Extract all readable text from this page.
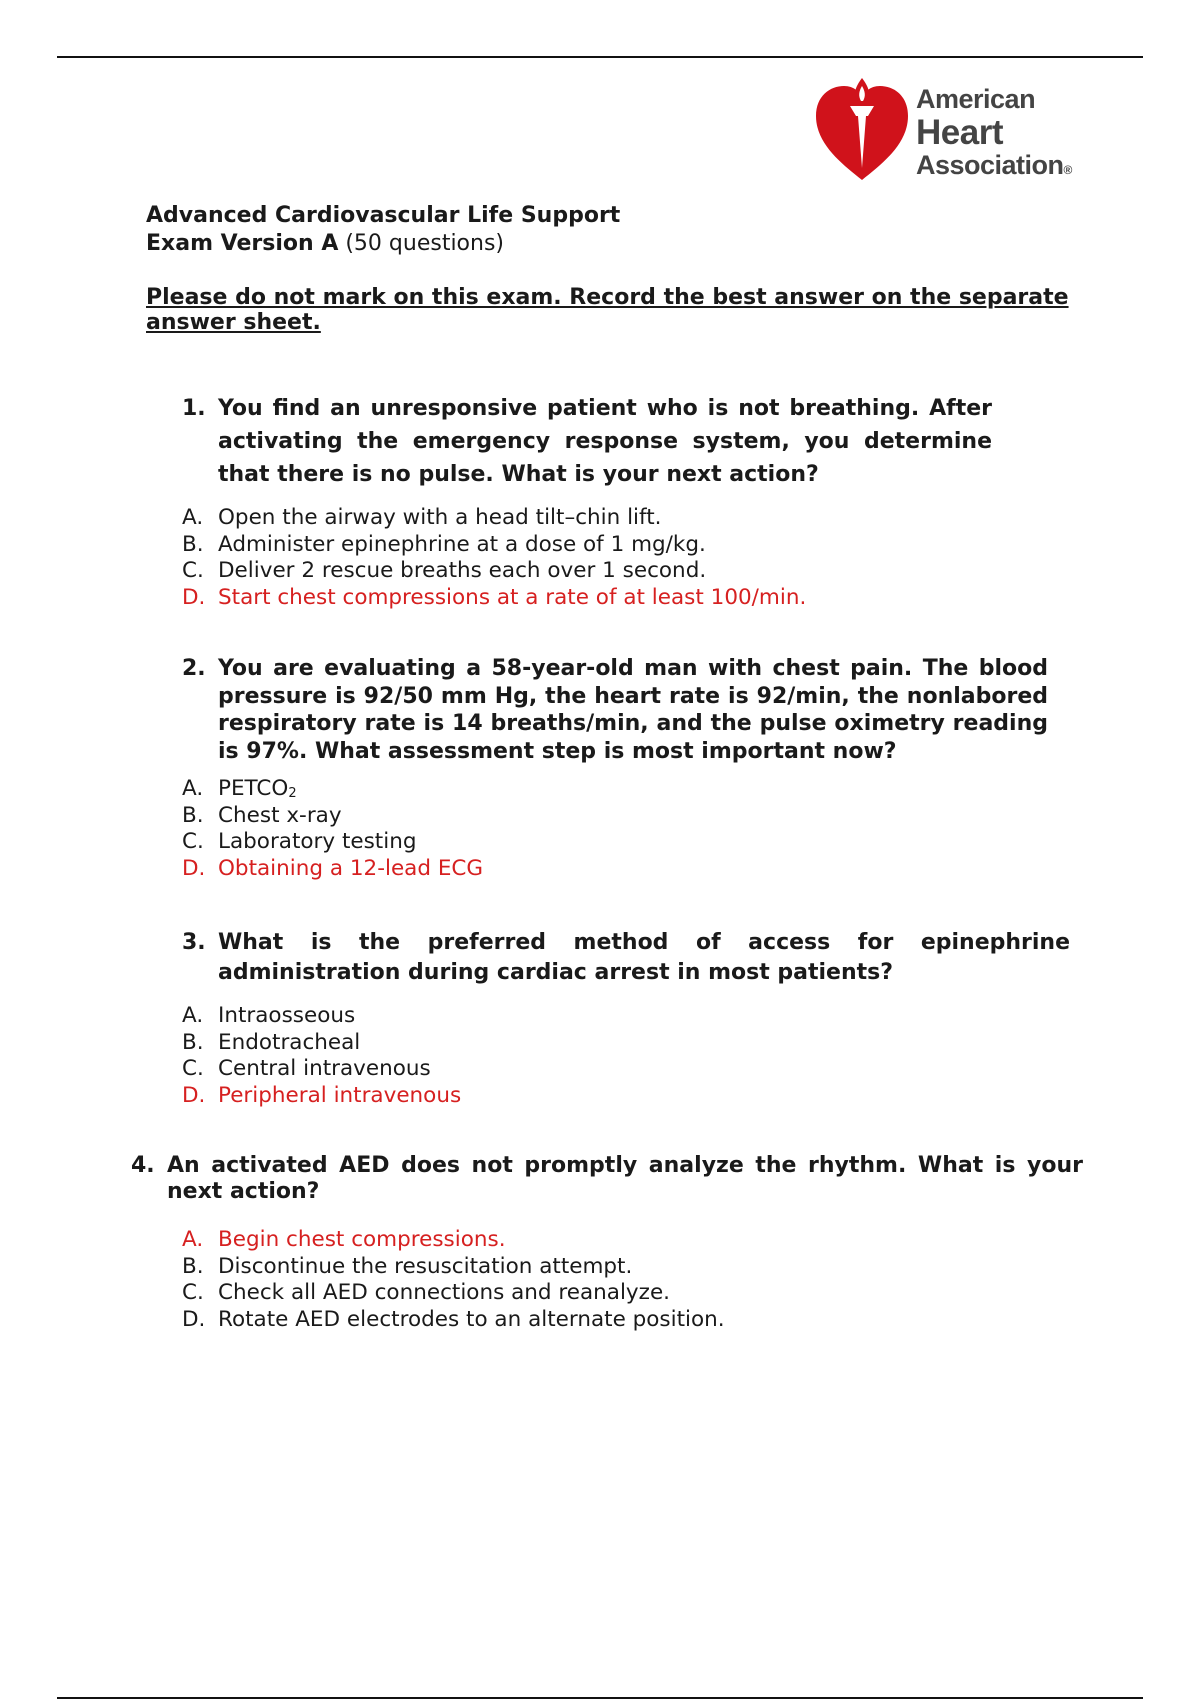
American
Heart
Association®
Advanced Cardiovascular Life Support
Exam Version A (50 questions)
Please do not mark on this exam. Record the best answer on the separate answer sheet.
1. You find an unresponsive patient who is not breathing. After activating the emergency response system, you determine that there is no pulse. What is your next action?
A. Open the airway with a head tilt–chin lift.
B. Administer epinephrine at a dose of 1 mg/kg.
C. Deliver 2 rescue breaths each over 1 second.
D. Start chest compressions at a rate of at least 100/min.
2. You are evaluating a 58-year-old man with chest pain. The blood pressure is 92/50 mm Hg, the heart rate is 92/min, the nonlabored respiratory rate is 14 breaths/min, and the pulse oximetry reading is 97%. What assessment step is most important now?
A. $PETCO_2$
B. Chest x-ray
C. Laboratory testing
D. Obtaining a 12-lead ECG
3. What is the preferred method of access for epinephrine administration during cardiac arrest in most patients?
A. Intraosseous
B. Endotracheal
C. Central intravenous
D. Peripheral intravenous
4. An activated AED does not promptly analyze the rhythm. What is your next action?
A. Begin chest compressions.
B. Discontinue the resuscitation attempt.
C. Check all AED connections and reanalyze.
D. Rotate AED electrodes to an alternate position.
